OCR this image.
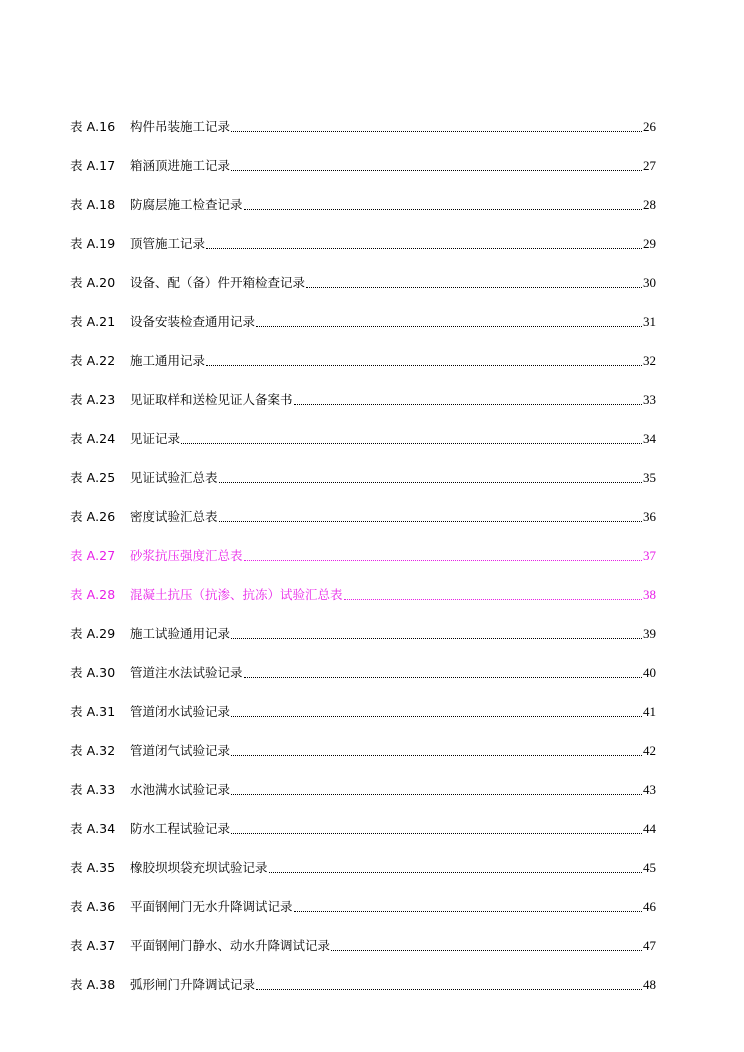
表 A.16	构件吊装施工记录	26
表 A.17	箱涵顶进施工记录	27
表 A.18	防腐层施工检查记录	28
表 A.19	顶管施工记录	29
表 A.20	设备、配（备）件开箱检查记录	30
表 A.21	设备安装检查通用记录	31
表 A.22	施工通用记录	32
表 A.23	见证取样和送检见证人备案书	33
表 A.24	见证记录	34
表 A.25	见证试验汇总表	35
表 A.26	密度试验汇总表	36
表 A.27	砂浆抗压强度汇总表	37
表 A.28	混凝土抗压（抗渗、抗冻）试验汇总表	38
表 A.29	施工试验通用记录	39
表 A.30	管道注水法试验记录	40
表 A.31	管道闭水试验记录	41
表 A.32	管道闭气试验记录	42
表 A.33	水池满水试验记录	43
表 A.34	防水工程试验记录	44
表 A.35	橡胶坝坝袋充坝试验记录	45
表 A.36	平面钢闸门无水升降调试记录	46
表 A.37	平面钢闸门静水、动水升降调试记录	47
表 A.38	弧形闸门升降调试记录	48
